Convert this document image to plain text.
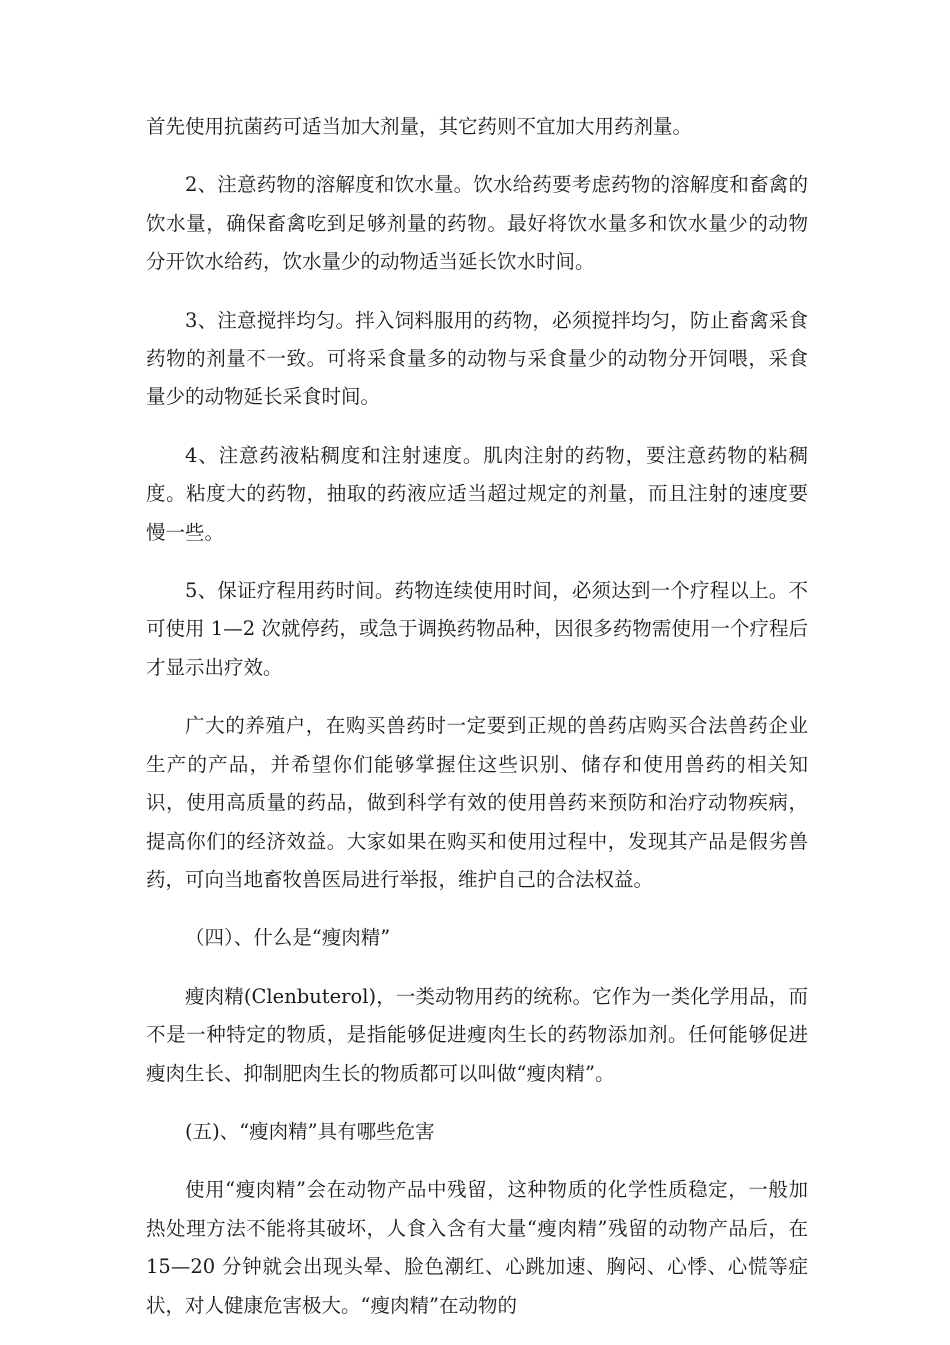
首先使用抗菌药可适当加大剂量，其它药则不宜加大用药剂量。

2、注意药物的溶解度和饮水量。饮水给药要考虑药物的溶解度和畜禽的饮水量，确保畜禽吃到足够剂量的药物。最好将饮水量多和饮水量少的动物分开饮水给药，饮水量少的动物适当延长饮水时间。

3、注意搅拌均匀。拌入饲料服用的药物，必须搅拌均匀，防止畜禽采食药物的剂量不一致。可将采食量多的动物与采食量少的动物分开饲喂，采食量少的动物延长采食时间。

4、注意药液粘稠度和注射速度。肌肉注射的药物，要注意药物的粘稠度。粘度大的药物，抽取的药液应适当超过规定的剂量，而且注射的速度要慢一些。

5、保证疗程用药时间。药物连续使用时间，必须达到一个疗程以上。不可使用 1—2 次就停药，或急于调换药物品种，因很多药物需使用一个疗程后才显示出疗效。

广大的养殖户，在购买兽药时一定要到正规的兽药店购买合法兽药企业生产的产品，并希望你们能够掌握住这些识别、储存和使用兽药的相关知识，使用高质量的药品，做到科学有效的使用兽药来预防和治疗动物疾病，提高你们的经济效益。大家如果在购买和使用过程中，发现其产品是假劣兽药，可向当地畜牧兽医局进行举报，维护自己的合法权益。

（四）、什么是“瘦肉精”

瘦肉精(Clenbuterol)，一类动物用药的统称。它作为一类化学用品，而不是一种特定的物质，是指能够促进瘦肉生长的药物添加剂。任何能够促进瘦肉生长、抑制肥肉生长的物质都可以叫做“瘦肉精”。

(五)、“瘦肉精”具有哪些危害

使用“瘦肉精”会在动物产品中残留，这种物质的化学性质稳定，一般加热处理方法不能将其破坏，人食入含有大量“瘦肉精”残留的动物产品后，在 15—20 分钟就会出现头晕、脸色潮红、心跳加速、胸闷、心悸、心慌等症状，对人健康危害极大。“瘦肉精”在动物的
